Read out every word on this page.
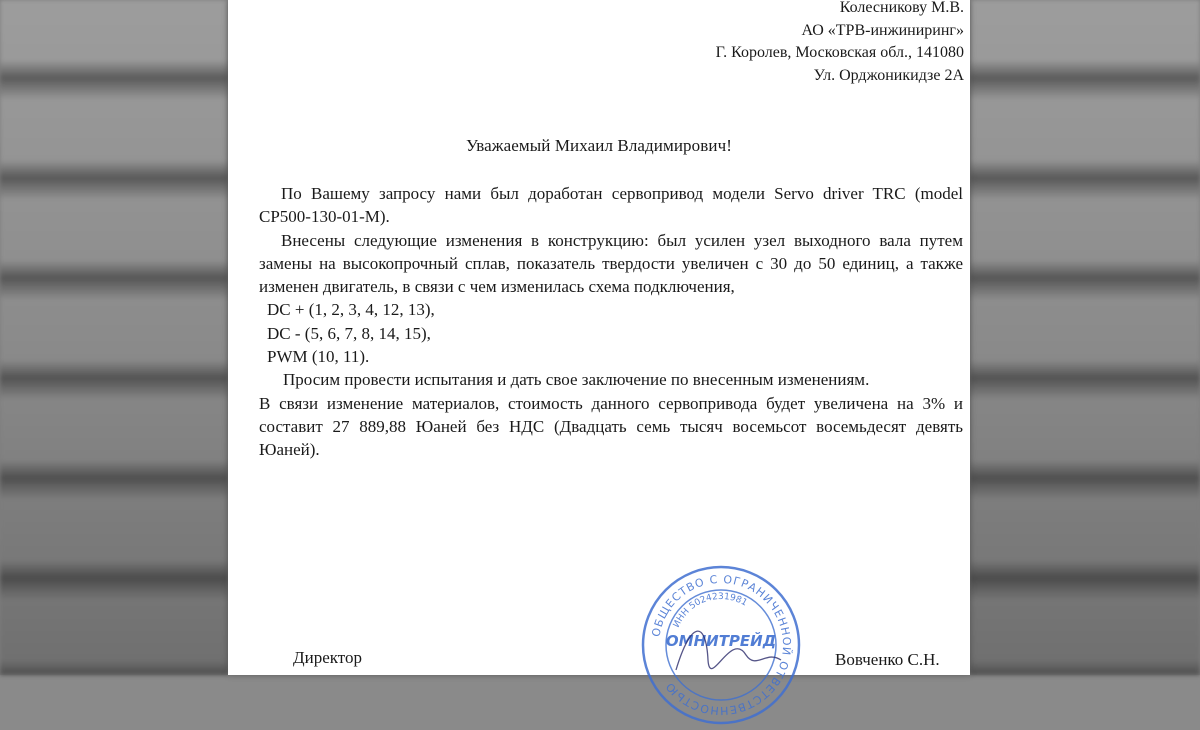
Колесникову М.В.
АО «ТРВ-инжиниринг»
Г. Королев, Московская обл., 141080
Ул. Орджоникидзе 2А
Уважаемый Михаил Владимирович!

По Вашему запросу нами был доработан сервопривод модели Servo driver TRC (model CP500-130-01-M).

Внесены следующие изменения в конструкцию: был усилен узел выходного вала путем замены на высокопрочный сплав, показатель твердости увеличен с 30 до 50 единиц, а также изменен двигатель, в связи с чем изменилась схема подключения,

DC + (1, 2, 3, 4, 12, 13),

DC - (5, 6, 7, 8, 14, 15),

PWM (10, 11).

Просим провести испытания и дать свое заключение по внесенным изменениям.

В связи изменение материалов, стоимость данного сервопривода будет увеличена на 3% и составит 27 889,88 Юаней без НДС (Двадцать семь тысяч восемьсот восемьдесят девять Юаней).

ОБЩЕСТВО С ОГРАНИЧЕННОЙ ОТВЕТСТВЕННОСТЬЮ
ИНН 5024231981
ОМНИТРЕЙД
Директор	Вовченко С.Н.
